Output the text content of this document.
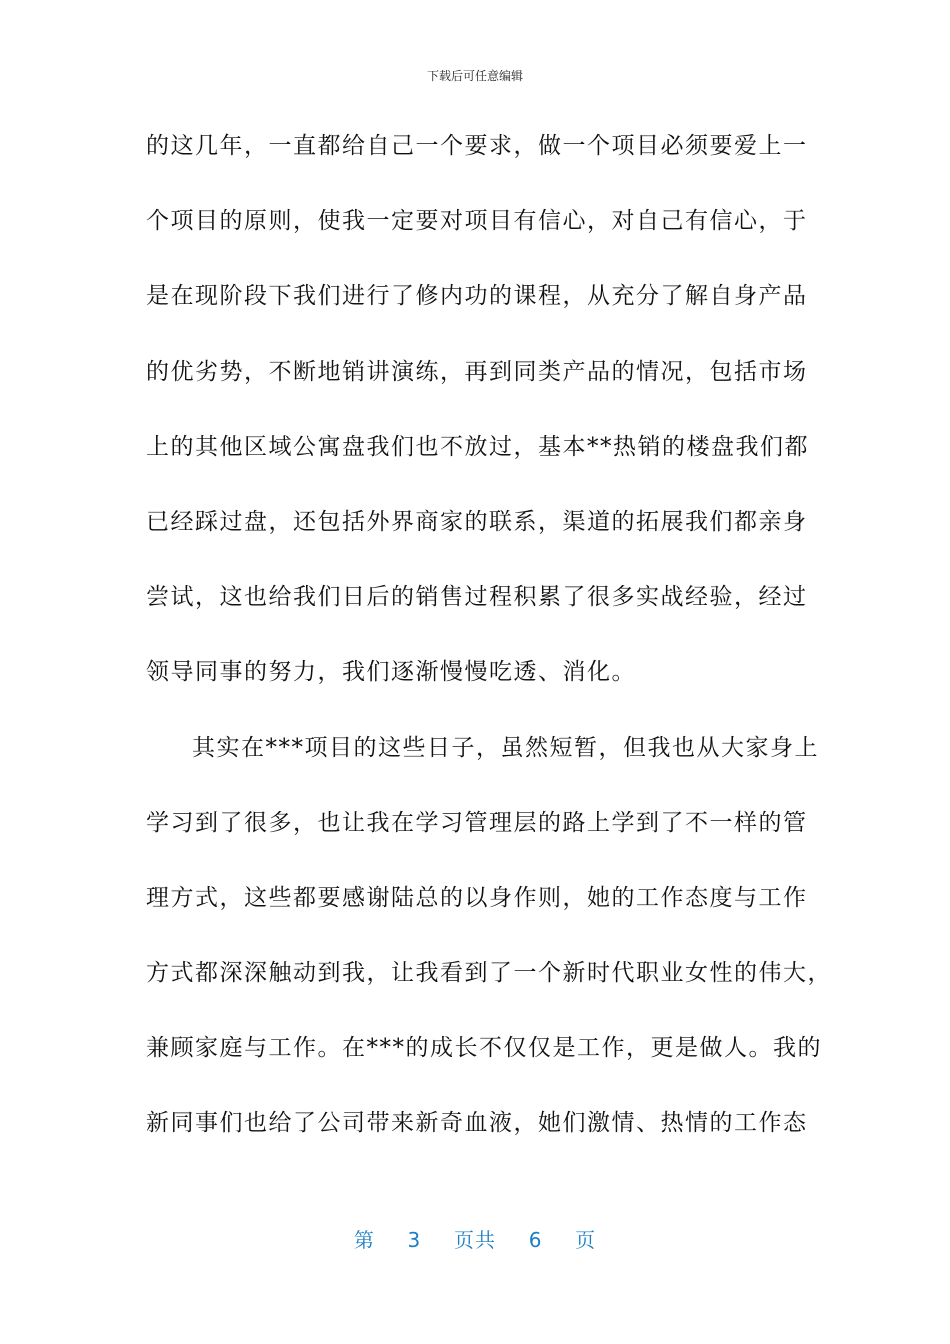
下载后可任意编辑
的这几年，一直都给自己一个要求，做一个项目必须要爱上一
个项目的原则，使我一定要对项目有信心，对自己有信心，于
是在现阶段下我们进行了修内功的课程，从充分了解自身产品
的优劣势，不断地销讲演练，再到同类产品的情况，包括市场
上的其他区域公寓盘我们也不放过，基本**热销的楼盘我们都
已经踩过盘，还包括外界商家的联系，渠道的拓展我们都亲身
尝试，这也给我们日后的销售过程积累了很多实战经验，经过
领导同事的努力，我们逐渐慢慢吃透、消化。
其实在***项目的这些日子，虽然短暂，但我也从大家身上
学习到了很多，也让我在学习管理层的路上学到了不一样的管
理方式，这些都要感谢陆总的以身作则，她的工作态度与工作
方式都深深触动到我，让我看到了一个新时代职业女性的伟大，
兼顾家庭与工作。在***的成长不仅仅是工作，更是做人。我的
新同事们也给了公司带来新奇血液，她们激情、热情的工作态
第 3 页共 6 页
